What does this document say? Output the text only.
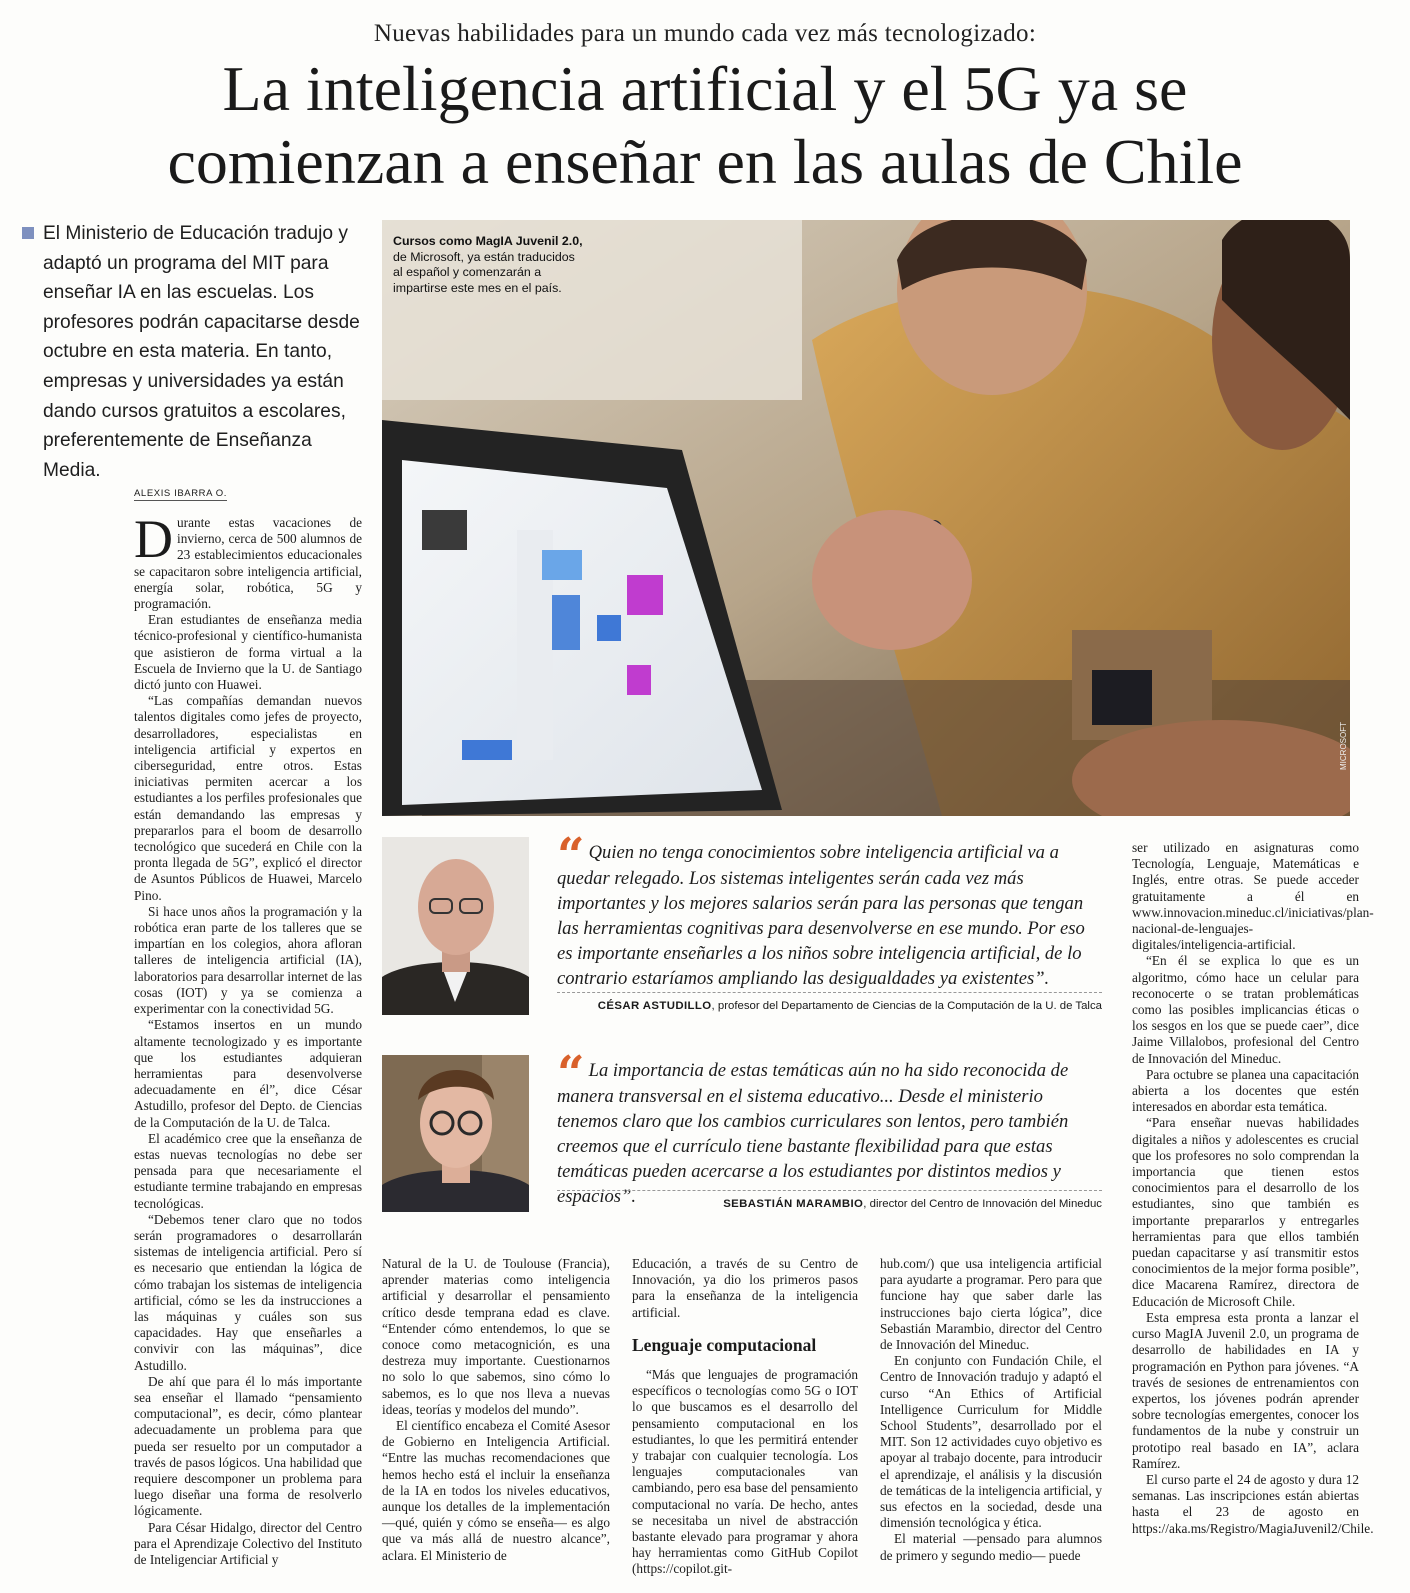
Nuevas habilidades para un mundo cada vez más tecnologizado:
La inteligencia artificial y el 5G ya se
comienzan a enseñar en las aulas de Chile
El Ministerio de Educación tradujo y adaptó un programa del MIT para enseñar IA en las escuelas. Los profesores podrán capacitarse desde octubre en esta materia. En tanto, empresas y universidades ya están dando cursos gratuitos a escolares, preferentemente de Enseñanza Media.
ALEXIS IBARRA O.

Durante estas vacaciones de invierno, cerca de 500 alumnos de 23 establecimientos educacionales se capacitaron sobre inteligencia artificial, energía solar, robótica, 5G y programación.

Eran estudiantes de enseñanza media técnico-profesional y científico-humanista que asistieron de forma virtual a la Escuela de Invierno que la U. de Santiago dictó junto con Huawei.

“Las compañías demandan nuevos talentos digitales como jefes de proyecto, desarrolladores, especialistas en inteligencia artificial y expertos en ciberseguridad, entre otros. Estas iniciativas permiten acercar a los estudiantes a los perfiles profesionales que están demandando las empresas y prepararlos para el boom de desarrollo tecnológico que sucederá en Chile con la pronta llegada de 5G”, explicó el director de Asuntos Públicos de Huawei, Marcelo Pino.

Si hace unos años la programación y la robótica eran parte de los talleres que se impartían en los colegios, ahora afloran talleres de inteligencia artificial (IA), laboratorios para desarrollar internet de las cosas (IOT) y ya se comienza a experimentar con la conectividad 5G.

“Estamos insertos en un mundo altamente tecnologizado y es importante que los estudiantes adquieran herramientas para desenvolverse adecuadamente en él”, dice César Astudillo, profesor del Depto. de Ciencias de la Computación de la U. de Talca.

El académico cree que la enseñanza de estas nuevas tecnologías no debe ser pensada para que necesariamente el estudiante termine trabajando en empresas tecnológicas.

“Debemos tener claro que no todos serán programadores o desarrollarán sistemas de inteligencia artificial. Pero sí es necesario que entiendan la lógica de cómo trabajan los sistemas de inteligencia artificial, cómo se les da instrucciones a las máquinas y cuáles son sus capacidades. Hay que enseñarles a convivir con las máquinas”, dice Astudillo.

De ahí que para él lo más importante sea enseñar el llamado “pensamiento computacional”, es decir, cómo plantear adecuadamente un problema para que pueda ser resuelto por un computador a través de pasos lógicos. Una habilidad que requiere descomponer un problema para luego diseñar una forma de resolverlo lógicamente.

Para César Hidalgo, director del Centro para el Aprendizaje Colectivo del Instituto de Inteligenciar Artificial y

Cursos como MagIA Juvenil 2.0, de Microsoft, ya están traducidos al español y comenzarán a impartirse este mes en el país.
MICROSOFT
“ Quien no tenga conocimientos sobre inteligencia artificial va a quedar relegado. Los sistemas inteligentes serán cada vez más importantes y los mejores salarios serán para las personas que tengan las herramientas cognitivas para desenvolverse en ese mundo. Por eso es importante enseñarles a los niños sobre inteligencia artificial, de lo contrario estaríamos ampliando las desigualdades ya existentes”.
CÉSAR ASTUDILLO, profesor del Departamento de Ciencias de la Computación de la U. de Talca
“ La importancia de estas temáticas aún no ha sido reconocida de manera transversal en el sistema educativo... Desde el ministerio tenemos claro que los cambios curriculares son lentos, pero también creemos que el currículo tiene bastante flexibilidad para que estas temáticas pueden acercarse a los estudiantes por distintos medios y espacios”.	SEBASTIÁN MARAMBIO, director del Centro de Innovación del Mineduc

Natural de la U. de Toulouse (Francia), aprender materias como inteligencia artificial y desarrollar el pensamiento crítico desde temprana edad es clave. “Entender cómo entendemos, lo que se conoce como metacognición, es una destreza muy importante. Cuestionarnos no solo lo que sabemos, sino cómo lo sabemos, es lo que nos lleva a nuevas ideas, teorías y modelos del mundo”.

El científico encabeza el Comité Asesor de Gobierno en Inteligencia Artificial. “Entre las muchas recomendaciones que hemos hecho está el incluir la enseñanza de la IA en todos los niveles educativos, aunque los detalles de la implementación —qué, quién y cómo se enseña— es algo que va más allá de nuestro alcance”, aclara. El Ministerio de

Educación, a través de su Centro de Innovación, ya dio los primeros pasos para la enseñanza de la inteligencia artificial.

Lenguaje computacional

“Más que lenguajes de programación específicos o tecnologías como 5G o IOT lo que buscamos es el desarrollo del pensamiento computacional en los estudiantes, lo que les permitirá entender y trabajar con cualquier tecnología. Los lenguajes computacionales van cambiando, pero esa base del pensamiento computacional no varía. De hecho, antes se necesitaba un nivel de abstracción bastante elevado para programar y ahora hay herramientas como GitHub Copilot (https://copilot.git-

hub.com/) que usa inteligencia artificial para ayudarte a programar. Pero para que funcione hay que saber darle las instrucciones bajo cierta lógica”, dice Sebastián Marambio, director del Centro de Innovación del Mineduc.

En conjunto con Fundación Chile, el Centro de Innovación tradujo y adaptó el curso “An Ethics of Artificial Intelligence Curriculum for Middle School Students”, desarrollado por el MIT. Son 12 actividades cuyo objetivo es apoyar al trabajo docente, para introducir el aprendizaje, el análisis y la discusión de temáticas de la inteligencia artificial, y sus efectos en la sociedad, desde una dimensión tecnológica y ética.

El material —pensado para alumnos de primero y segundo medio— puede

ser utilizado en asignaturas como Tecnología, Lenguaje, Matemáticas e Inglés, entre otras. Se puede acceder gratuitamente a él en www.innovacion.mineduc.cl/iniciativas/plan-nacional-de-lenguajes-digitales/inteligencia-artificial.

“En él se explica lo que es un algoritmo, cómo hace un celular para reconocerte o se tratan problemáticas como las posibles implicancias éticas o los sesgos en los que se puede caer”, dice Jaime Villalobos, profesional del Centro de Innovación del Mineduc.

Para octubre se planea una capacitación abierta a los docentes que estén interesados en abordar esta temática.

“Para enseñar nuevas habilidades digitales a niños y adolescentes es crucial que los profesores no solo comprendan la importancia que tienen estos conocimientos para el desarrollo de los estudiantes, sino que también es importante prepararlos y entregarles herramientas para que ellos también puedan capacitarse y así transmitir estos conocimientos de la mejor forma posible”, dice Macarena Ramírez, directora de Educación de Microsoft Chile.

Esta empresa esta pronta a lanzar el curso MagIA Juvenil 2.0, un programa de desarrollo de habilidades en IA y programación en Python para jóvenes. “A través de sesiones de entrenamientos con expertos, los jóvenes podrán aprender sobre tecnologías emergentes, conocer los fundamentos de la nube y construir un prototipo real basado en IA”, aclara Ramírez.

El curso parte el 24 de agosto y dura 12 semanas. Las inscripciones están abiertas hasta el 23 de agosto en https://aka.ms/Registro/MagiaJuvenil2/Chile.
